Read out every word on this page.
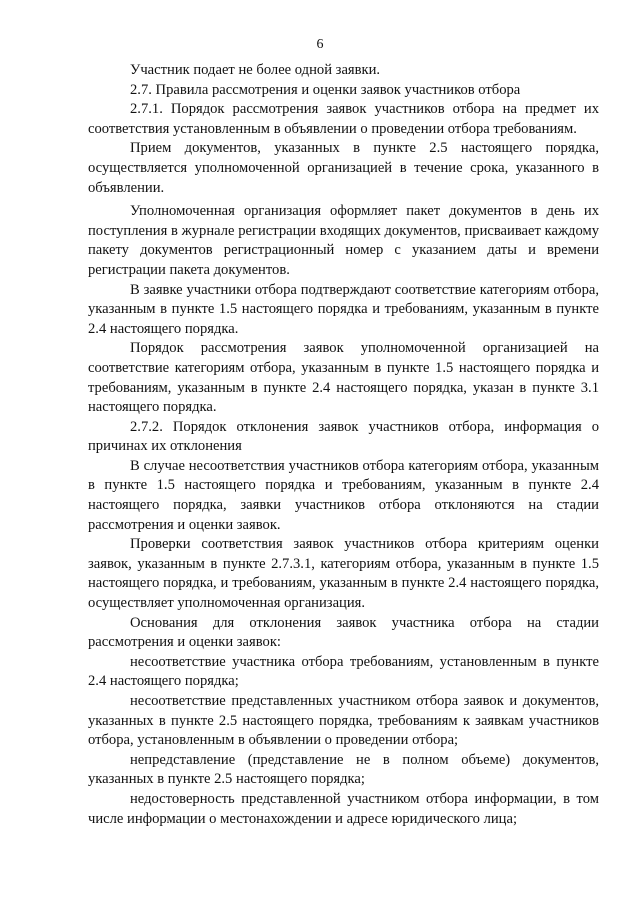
6

Участник подает не более одной заявки.

2.7. Правила рассмотрения и оценки заявок участников отбора

2.7.1. Порядок рассмотрения заявок участников отбора на предмет их соответствия установленным в объявлении о проведении отбора требованиям.

Прием документов, указанных в пункте 2.5 настоящего порядка, осуществляется уполномоченной организацией в течение срока, указанного в объявлении.

Уполномоченная организация оформляет пакет документов в день их поступления в журнале регистрации входящих документов, присваивает каждому пакету документов регистрационный номер с указанием даты и времени регистрации пакета документов.

В заявке участники отбора подтверждают соответствие категориям отбора, указанным в пункте 1.5 настоящего порядка и требованиям, указанным в пункте 2.4 настоящего порядка.

Порядок рассмотрения заявок уполномоченной организацией на соответствие категориям отбора, указанным в пункте 1.5 настоящего порядка и требованиям, указанным в пункте 2.4 настоящего порядка, указан в пункте 3.1 настоящего порядка.

2.7.2. Порядок отклонения заявок участников отбора, информация о причинах их отклонения

В случае несоответствия участников отбора категориям отбора, указанным в пункте 1.5 настоящего порядка и требованиям, указанным в пункте 2.4 настоящего порядка, заявки участников отбора отклоняются на стадии рассмотрения и оценки заявок.

Проверки соответствия заявок участников отбора критериям оценки заявок, указанным в пункте 2.7.3.1, категориям отбора, указанным в пункте 1.5 настоящего порядка, и требованиям, указанным в пункте 2.4 настоящего порядка, осуществляет уполномоченная организация.

Основания для отклонения заявок участника отбора на стадии рассмотрения и оценки заявок:

несоответствие участника отбора требованиям, установленным в пункте 2.4 настоящего порядка;

несоответствие представленных участником отбора заявок и документов, указанных в пункте 2.5 настоящего порядка, требованиям к заявкам участников отбора, установленным в объявлении о проведении отбора;

непредставление (представление не в полном объеме) документов, указанных в пункте 2.5 настоящего порядка;

недостоверность представленной участником отбора информации, в том числе информации о местонахождении и адресе юридического лица;
